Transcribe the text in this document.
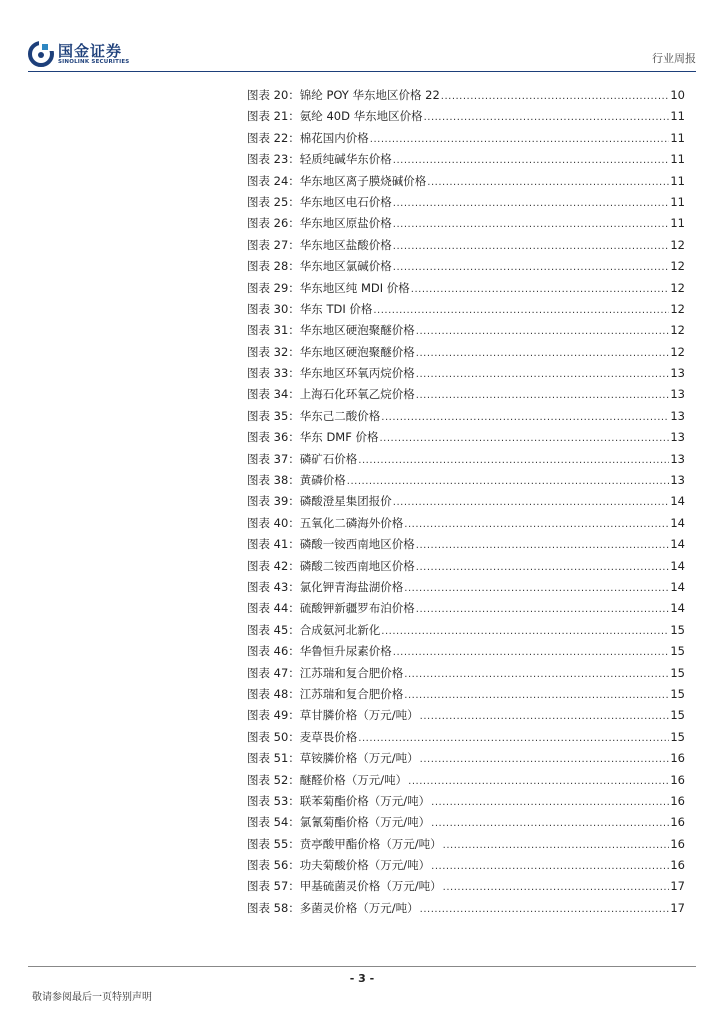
国金证券
SINOLINK SECURITIES	行业周报
图表 20：锦纶 POY 华东地区价格 22 .....	10
图表 21：氨纶 40D 华东地区价格 .....	11
图表 22：棉花国内价格 .....	11
图表 23：轻质纯碱华东价格 .....	11
图表 24：华东地区离子膜烧碱价格 .....	11
图表 25：华东地区电石价格 .....	11
图表 26：华东地区原盐价格 .....	11
图表 27：华东地区盐酸价格 .....	12
图表 28：华东地区氯碱价格 .....	12
图表 29：华东地区纯 MDI 价格 .....	12
图表 30：华东 TDI 价格 .....	12
图表 31：华东地区硬泡聚醚价格 .....	12
图表 32：华东地区硬泡聚醚价格 .....	12
图表 33：华东地区环氧丙烷价格 .....	13
图表 34：上海石化环氧乙烷价格 .....	13
图表 35：华东己二酸价格 .....	13
图表 36：华东 DMF 价格 .....	13
图表 37：磷矿石价格 .....	13
图表 38：黄磷价格 .....	13
图表 39：磷酸澄星集团报价 .....	14
图表 40：五氧化二磷海外价格 .....	14
图表 41：磷酸一铵西南地区价格 .....	14
图表 42：磷酸二铵西南地区价格 .....	14
图表 43：氯化钾青海盐湖价格 .....	14
图表 44：硫酸钾新疆罗布泊价格 .....	14
图表 45：合成氨河北新化 .....	15
图表 46：华鲁恒升尿素价格 .....	15
图表 47：江苏瑞和复合肥价格 .....	15
图表 48：江苏瑞和复合肥价格 .....	15
图表 49：草甘膦价格（万元/吨） .....	15
图表 50：麦草畏价格 .....	15
图表 51：草铵膦价格（万元/吨） .....	16
图表 52：醚醛价格（万元/吨） .....	16
图表 53：联苯菊酯价格（万元/吨） .....	16
图表 54：氯氰菊酯价格（万元/吨） .....	16
图表 55：贲亭酸甲酯价格（万元/吨） .....	16
图表 56：功夫菊酸价格（万元/吨） .....	16
图表 57：甲基硫菌灵价格（万元/吨） .....	17
图表 58：多菌灵价格（万元/吨） .....	17
- 3 -
敬请参阅最后一页特别声明
